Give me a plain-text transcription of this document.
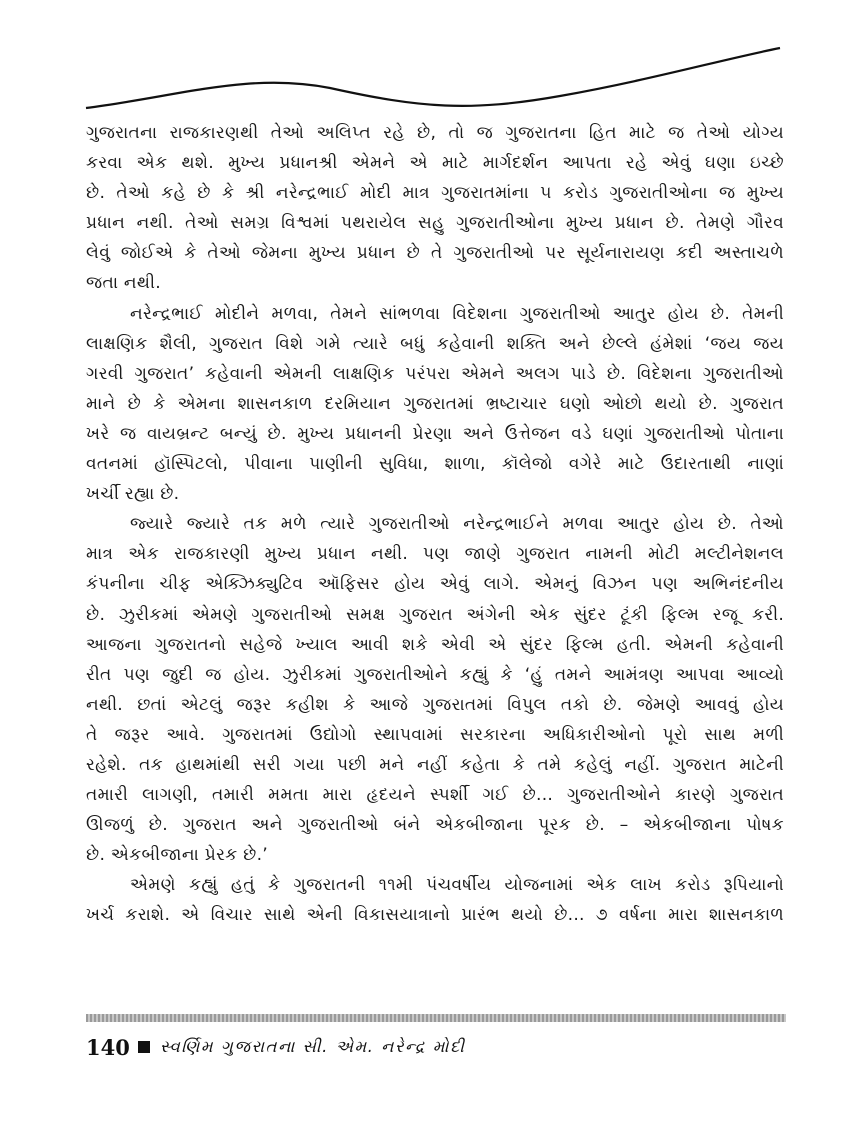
ગુજરાતના રાજકારણથી તેઓ અલિપ્ત રહે છે, તો જ ગુજરાતના હિત માટે જ તેઓ યોગ્ય
કરવા એક થશે. મુખ્ય પ્રધાનશ્રી એમને એ માટે માર્ગદર્શન આપતા રહે એવું ઘણા ઇચ્છે
છે. તેઓ કહે છે કે શ્રી નરેન્દ્રભાઈ મોદી માત્ર ગુજરાતમાંના ૫ કરોડ ગુજરાતીઓના જ મુખ્ય
પ્રધાન નથી. તેઓ સમગ્ર વિશ્વમાં પથરાયેલ સહુ ગુજરાતીઓના મુખ્ય પ્રધાન છે. તેમણે ગૌરવ
લેવું જોઈએ કે તેઓ જેમના મુખ્ય પ્રધાન છે તે ગુજરાતીઓ પર સૂર્યનારાયણ કદી અસ્તાચળે
જતા નથી.
નરેન્દ્રભાઈ મોદીને મળવા, તેમને સાંભળવા વિદેશના ગુજરાતીઓ આતુર હોય છે. તેમની
લાક્ષણિક શૈલી, ગુજરાત વિશે ગમે ત્યારે બધું કહેવાની શક્તિ અને છેલ્લે હંમેશાં ‘જય જય
ગરવી ગુજરાત’ કહેવાની એમની લાક્ષણિક પરંપરા એમને અલગ પાડે છે. વિદેશના ગુજરાતીઓ
માને છે કે એમના શાસનકાળ દરમિયાન ગુજરાતમાં ભ્રષ્ટાચાર ઘણો ઓછો થયો છે. ગુજરાત
ખરે જ વાયબ્રન્ટ બન્યું છે. મુખ્ય પ્રધાનની પ્રેરણા અને ઉત્તેજન વડે ઘણાં ગુજરાતીઓ પોતાના
વતનમાં હૉસ્પિટલો, પીવાના પાણીની સુવિધા, શાળા, કૉલેજો વગેરે માટે ઉદારતાથી નાણાં
ખર્ચી રહ્યા છે.
જ્યારે જ્યારે તક મળે ત્યારે ગુજરાતીઓ નરેન્દ્રભાઈને મળવા આતુર હોય છે. તેઓ
માત્ર એક રાજકારણી મુખ્ય પ્રધાન નથી. પણ જાણે ગુજરાત નામની મોટી મલ્ટીનેશનલ
કંપનીના ચીફ એક્ઝિક્યુટિવ ઑફિસર હોય એવું લાગે. એમનું વિઝન પણ અભિનંદનીય
છે. ઝુરીકમાં એમણે ગુજરાતીઓ સમક્ષ ગુજરાત અંગેની એક સુંદર ટૂંકી ફિલ્મ રજૂ કરી.
આજના ગુજરાતનો સહેજે ખ્યાલ આવી શકે એવી એ સુંદર ફિલ્મ હતી. એમની કહેવાની
રીત પણ જુદી જ હોય. ઝુરીકમાં ગુજરાતીઓને કહ્યું કે ‘હું તમને આમંત્રણ આપવા આવ્યો
નથી. છતાં એટલું જરૂર કહીશ કે આજે ગુજરાતમાં વિપુલ તકો છે. જેમણે આવવું હોય
તે જરૂર આવે. ગુજરાતમાં ઉદ્યોગો સ્થાપવામાં સરકારના અધિકારીઓનો પૂરો સાથ મળી
રહેશે. તક હાથમાંથી સરી ગયા પછી મને નહીં કહેતા કે તમે કહેલું નહીં. ગુજરાત માટેની
તમારી લાગણી, તમારી મમતા મારા હૃદયને સ્પર્શી ગઈ છે... ગુજરાતીઓને કારણે ગુજરાત
ઊજળું છે. ગુજરાત અને ગુજરાતીઓ બંને એકબીજાના પૂરક છે. – એકબીજાના પોષક
છે. એકબીજાના પ્રેરક છે.’
એમણે કહ્યું હતું કે ગુજરાતની ૧૧મી પંચવર્ષીય યોજનામાં એક લાખ કરોડ રૂપિયાનો
ખર્ચ કરાશે. એ વિચાર સાથે એની વિકાસયાત્રાનો પ્રારંભ થયો છે... ૭ વર્ષના મારા શાસનકાળ
140 સ્વર્ણિમ ગુજરાતના સી. એમ. નરેન્દ્ર મોદી
